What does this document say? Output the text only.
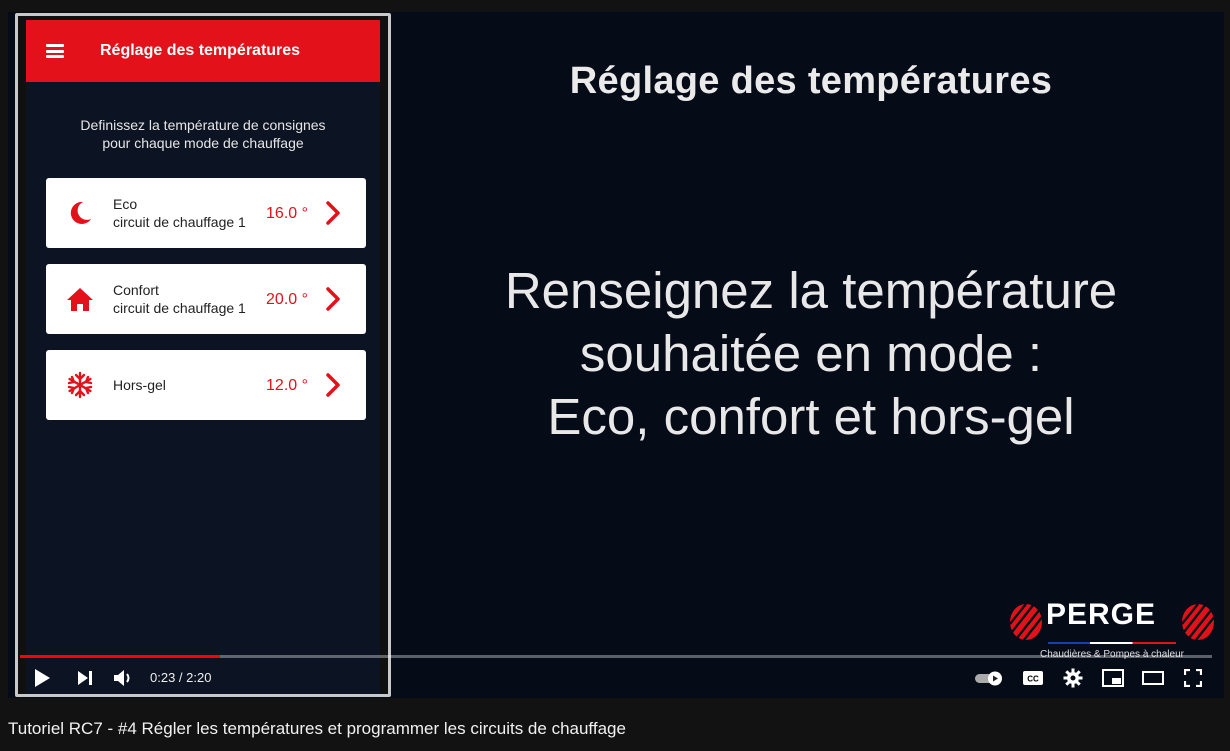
Réglage des températures
Definissez la température de consignes
pour chaque mode de chauffage
Eco
circuit de chauffage 1 16.0 °
Confort
circuit de chauffage 1 20.0 °
Hors-gel	12.0 °
Réglage des températures
Renseignez la température
souhaitée en mode :
Eco, confort et hors-gel
PERGE
Chaudières & Pompes à chaleur
0:23 / 2:20	CC
Tutoriel RC7 - #4 Régler les températures et programmer les circuits de chauffage
